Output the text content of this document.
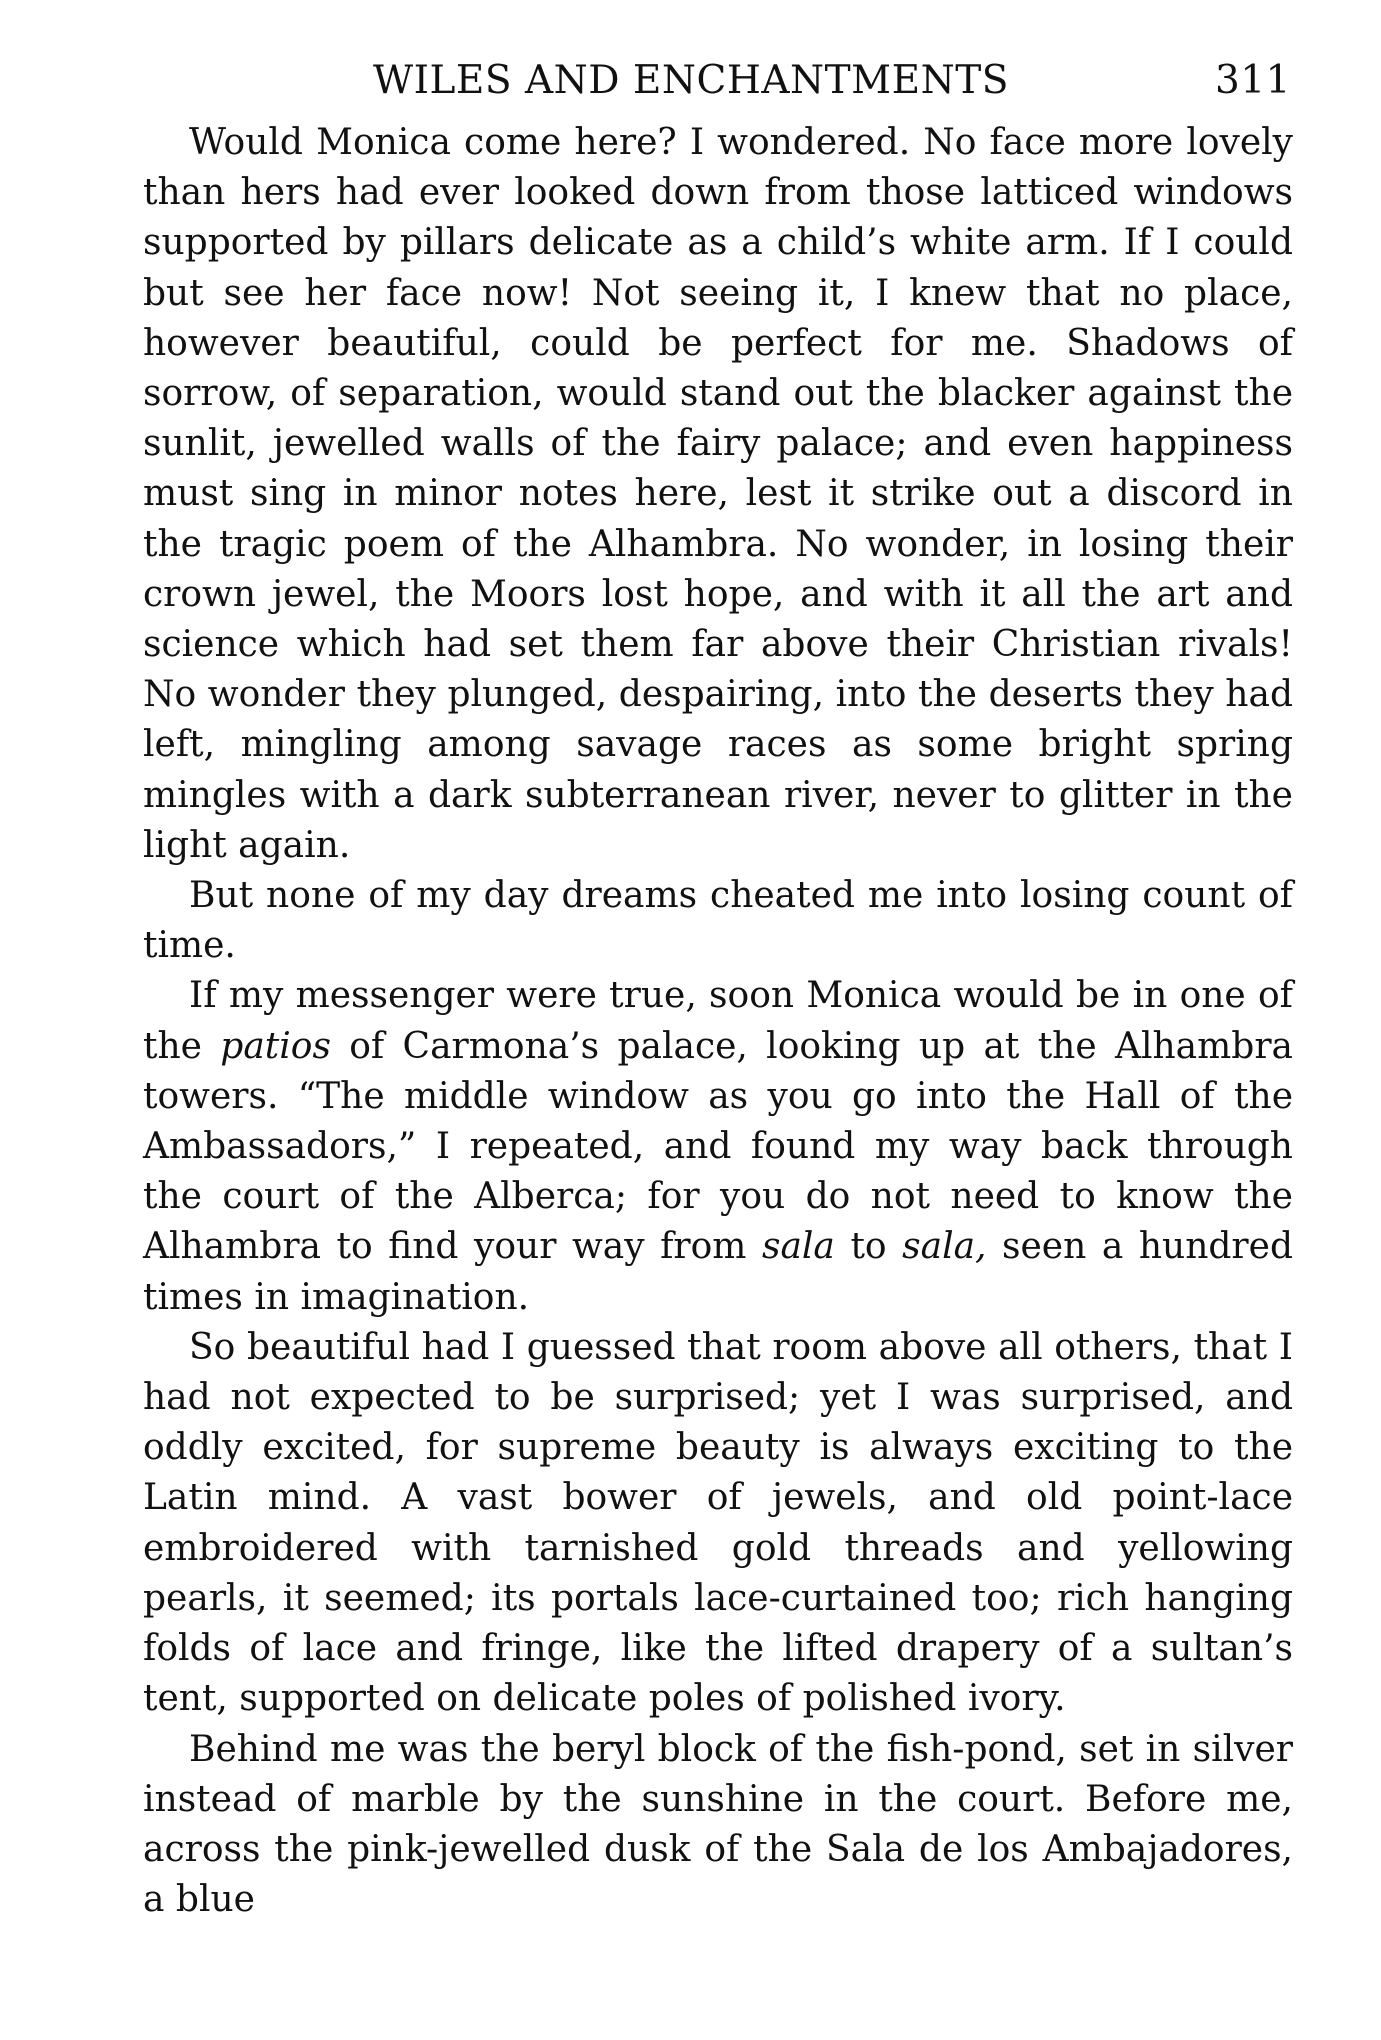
WILES AND ENCHANTMENTS	311

Would Monica come here? I wondered. No face more lovely than hers had ever looked down from those latticed windows supported by pillars delicate as a child’s white arm. If I could but see her face now! Not seeing it, I knew that no place, however beautiful, could be perfect for me. Shadows of sorrow, of separation, would stand out the blacker against the sunlit, jewelled walls of the fairy palace; and even happiness must sing in minor notes here, lest it strike out a discord in the tragic poem of the Alhambra. No wonder, in losing their crown jewel, the Moors lost hope, and with it all the art and science which had set them far above their Christian rivals! No wonder they plunged, despairing, into the deserts they had left, mingling among savage races as some bright spring mingles with a dark subterranean river, never to glitter in the light again.

But none of my day dreams cheated me into losing count of time.

If my messenger were true, soon Monica would be in one of the patios of Carmona’s palace, looking up at the Alhambra towers. “The middle window as you go into the Hall of the Ambassadors,” I repeated, and found my way back through the court of the Alberca; for you do not need to know the Alhambra to find your way from sala to sala, seen a hundred times in imagination.

So beautiful had I guessed that room above all others, that I had not expected to be surprised; yet I was surprised, and oddly excited, for supreme beauty is always exciting to the Latin mind. A vast bower of jewels, and old point-lace embroidered with tarnished gold threads and yellowing pearls, it seemed; its portals lace-curtained too; rich hanging folds of lace and fringe, like the lifted drapery of a sultan’s tent, supported on delicate poles of polished ivory.

Behind me was the beryl block of the fish-pond, set in silver instead of marble by the sunshine in the court. Before me, across the pink-jewelled dusk of the Sala de los Ambajadores, a blue
